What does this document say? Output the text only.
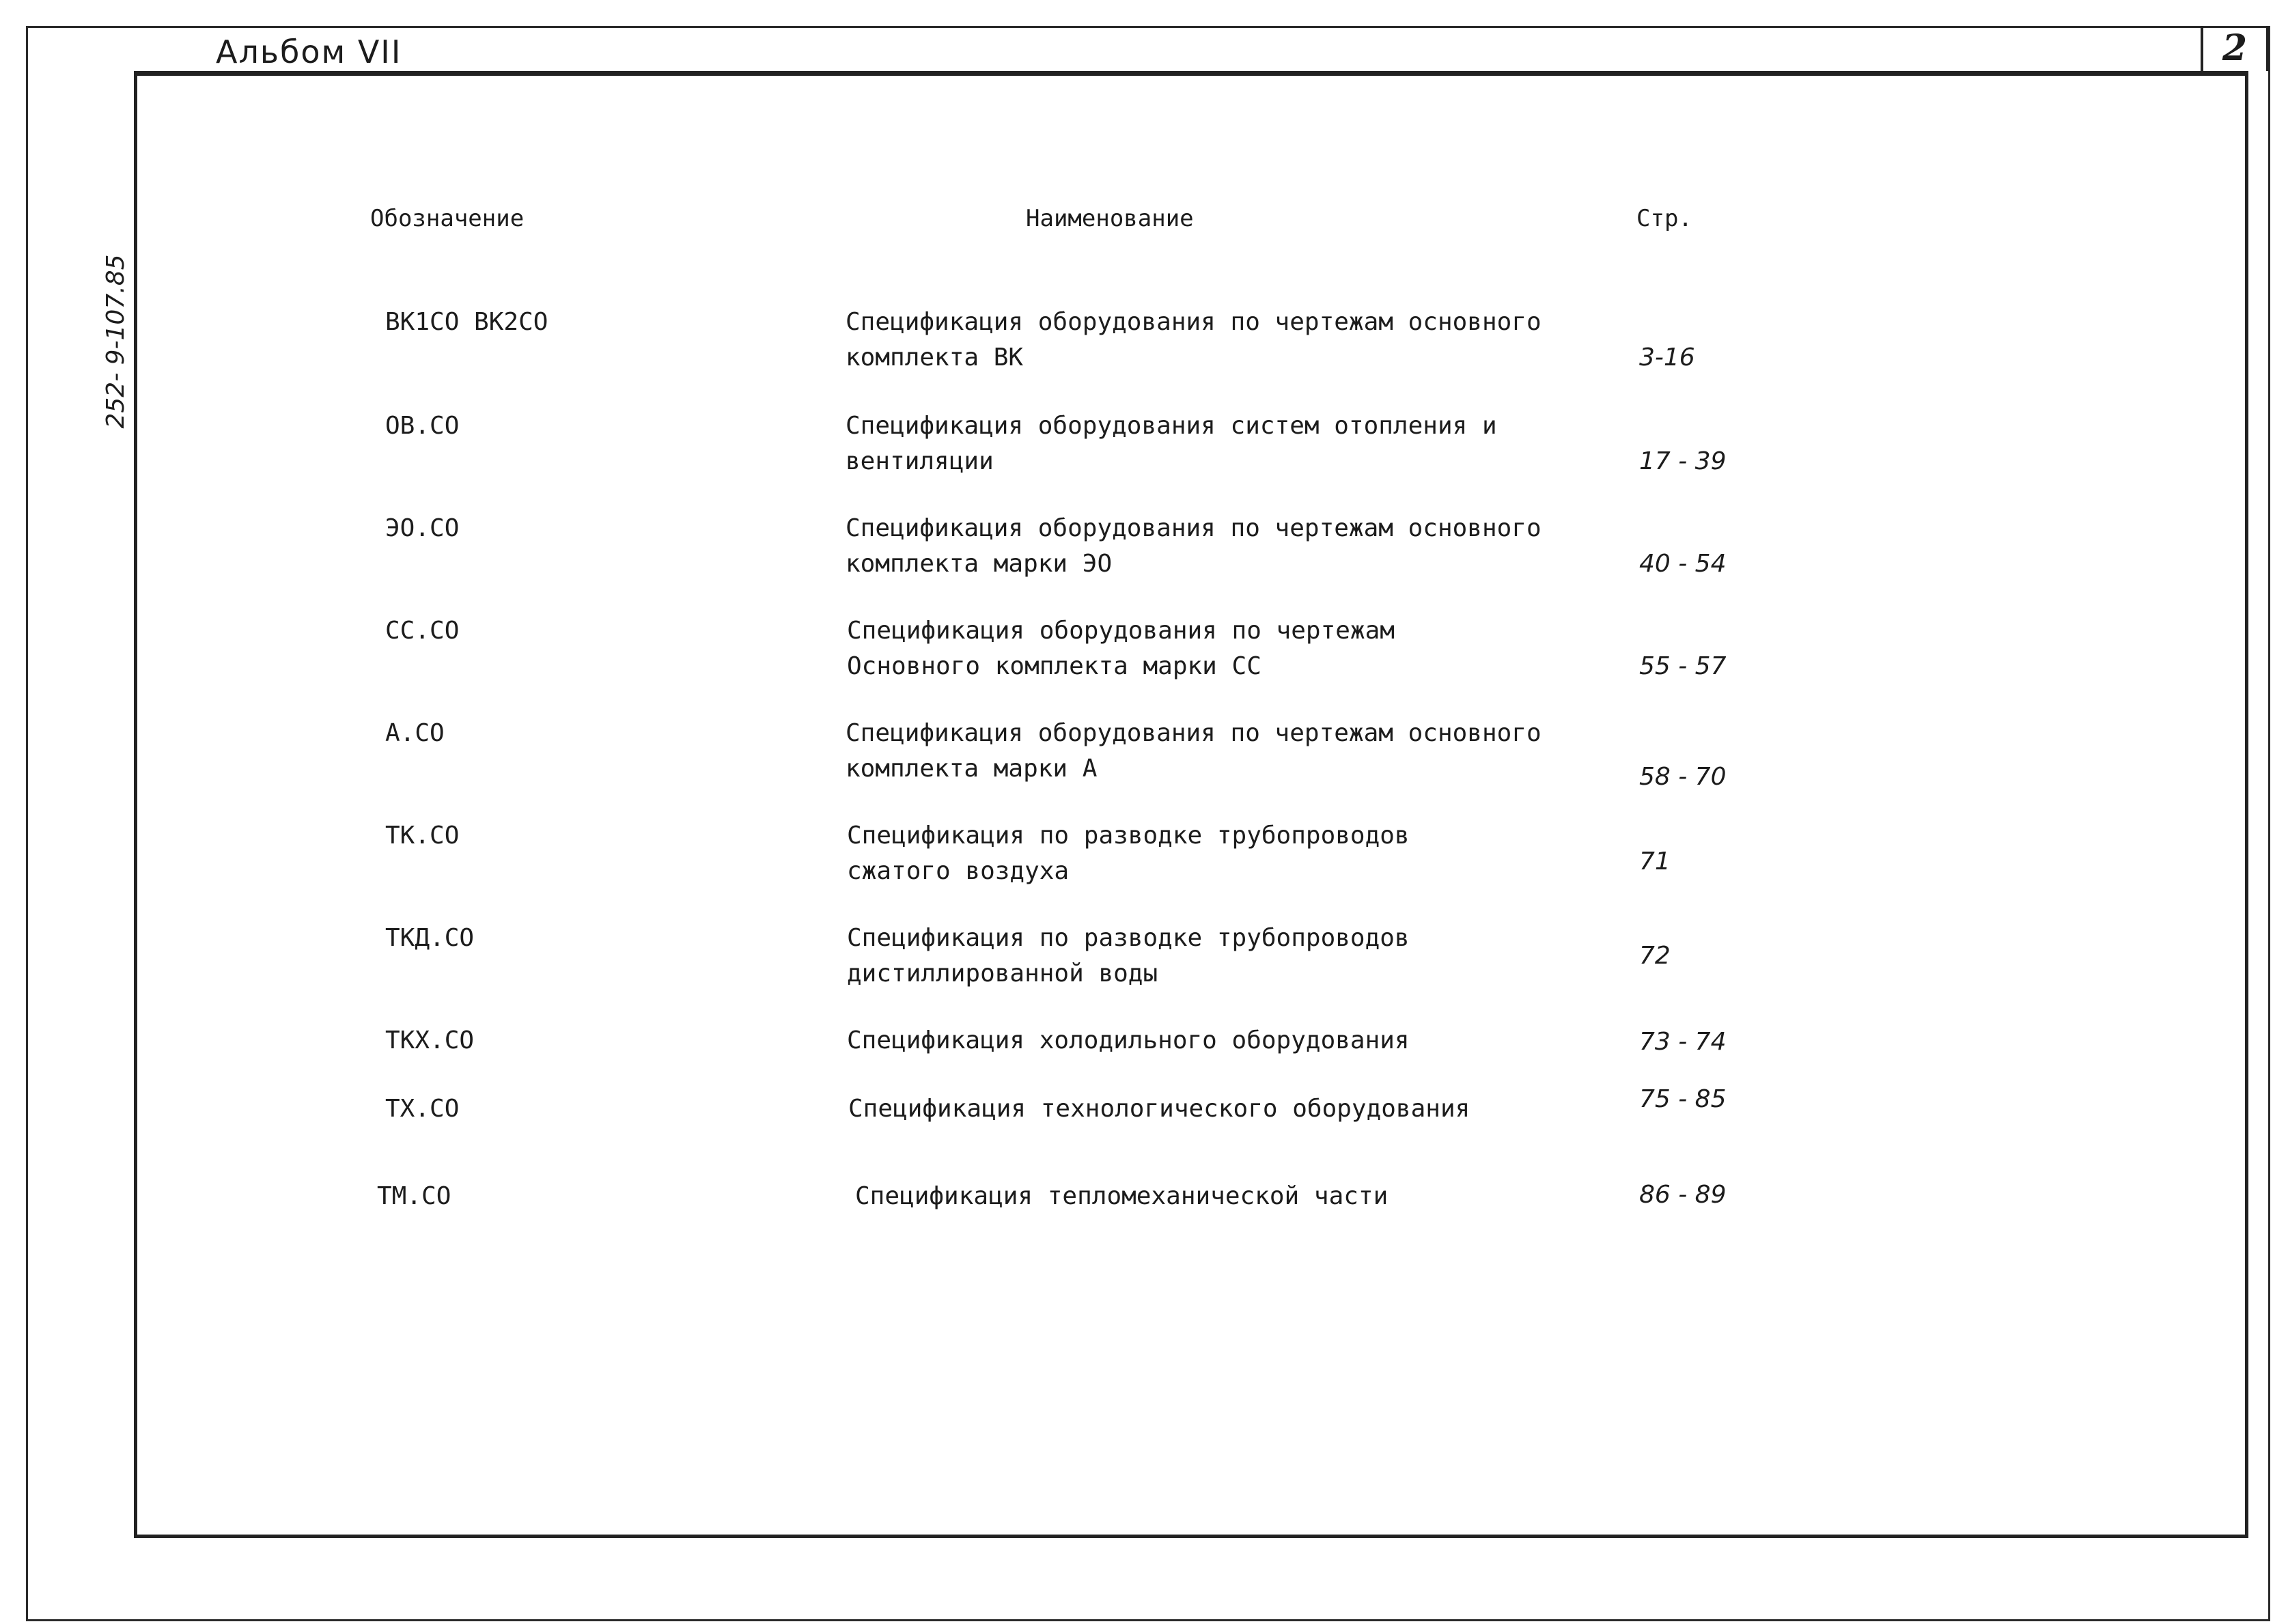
2
Альбом VII
252- 9-107.85
Обозначение	Наименование	Стр.
ВК1СО ВК2СО	Спецификация оборудования по чертежам основного
комплекта ВК	3-16
ОВ.СО	Спецификация оборудования систем отопления и
вентиляции	17 - 39
ЭО.СО	Спецификация оборудования по чертежам основного
комплекта марки ЭО	40 - 54
СС.СО	Спецификация оборудования по чертежам
Основного комплекта марки СС	55 - 57
А.СО	Спецификация оборудования по чертежам основного
комплекта марки А	58 - 70
ТК.СО	Спецификация по разводке трубопроводов
сжатого воздуха	71
ТКД.СО	Спецификация по разводке трубопроводов
дистиллированной воды
72
ТКХ.СО	Спецификация холодильного оборудования	73 - 74
ТХ.СО	Спецификация технологического оборудования	75 - 85
ТМ.СО	Спецификация тепломеханической части	86 - 89
